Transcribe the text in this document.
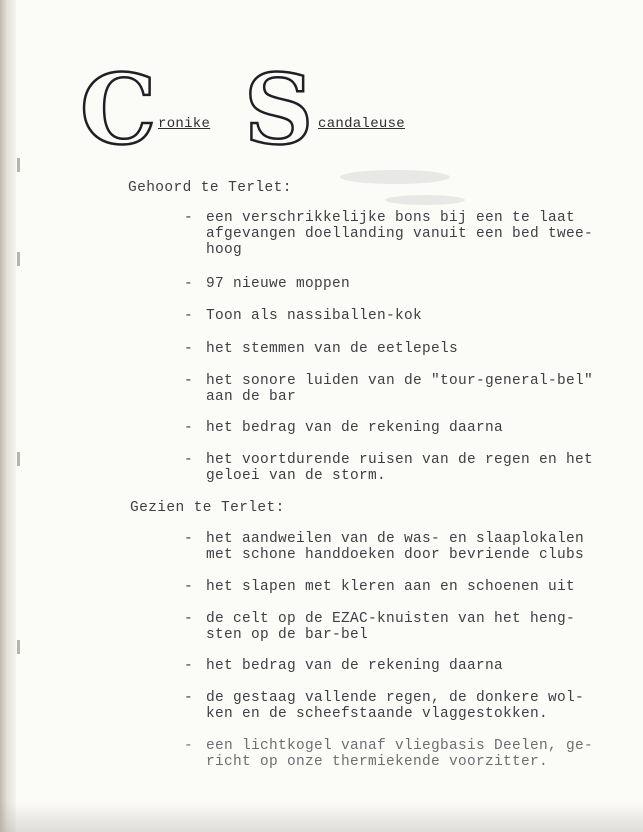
C ronike S candaleuse
Gehoord te Terlet:
- een verschrikkelijke bons bij een te laat
afgevangen doellanding vanuit een bed twee-
hoog
- 97 nieuwe moppen
- Toon als nassiballen-kok
- het stemmen van de eetlepels
- het sonore luiden van de "tour-general-bel"
aan de bar
- het bedrag van de rekening daarna
- het voortdurende ruisen van de regen en het
geloei van de storm.
Gezien te Terlet:
- het aandweilen van de was- en slaaplokalen
met schone handdoeken door bevriende clubs
- het slapen met kleren aan en schoenen uit
- de celt op de EZAC-knuisten van het heng-
sten op de bar-bel
- het bedrag van de rekening daarna
- de gestaag vallende regen, de donkere wol-
ken en de scheefstaande vlaggestokken.
- een lichtkogel vanaf vliegbasis Deelen, ge-
richt op onze thermiekende voorzitter.
